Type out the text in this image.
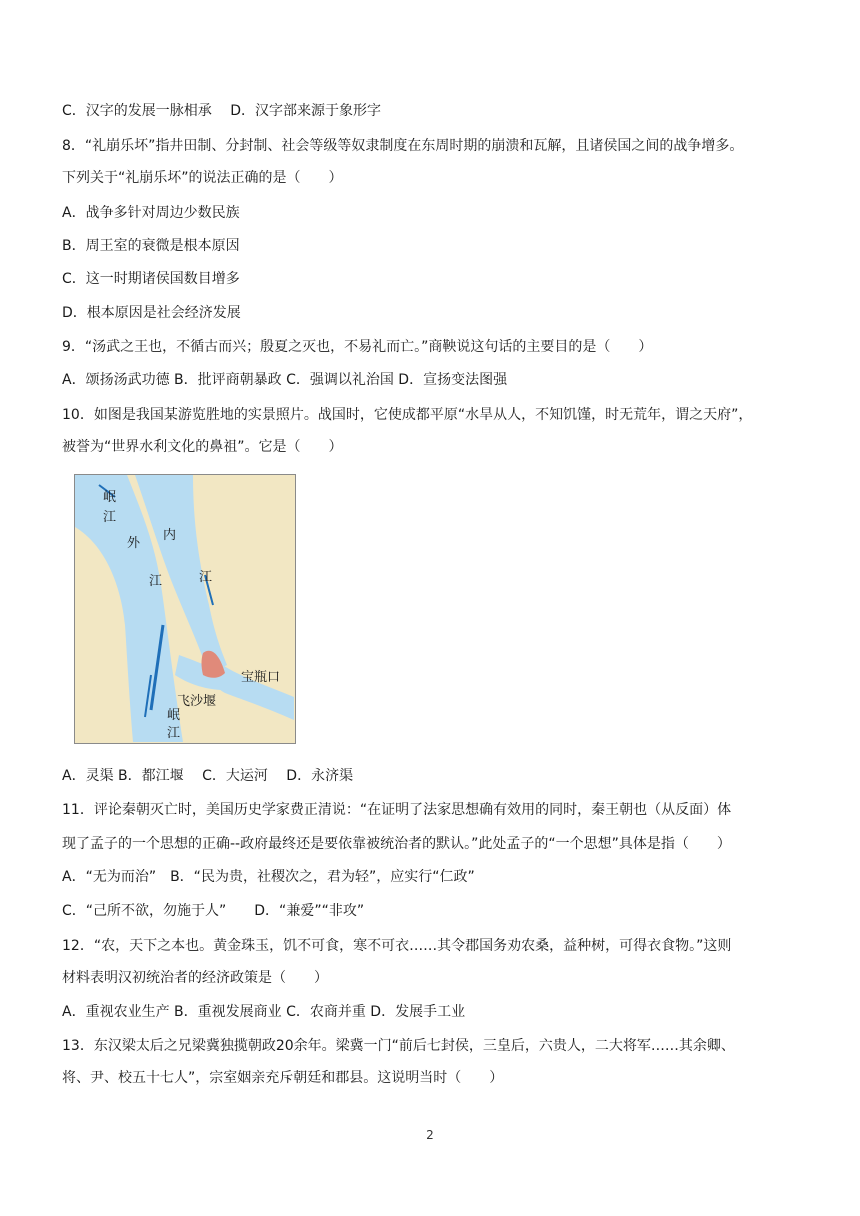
C．汉字的发展一脉相承　 D．汉字部来源于象形字
8．“礼崩乐坏”指井田制、分封制、社会等级等奴隶制度在东周时期的崩溃和瓦解，且诸侯国之间的战争增多。
下列关于“礼崩乐坏”的说法正确的是（　　）
A．战争多针对周边少数民族
B．周王室的衰微是根本原因
C．这一时期诸侯国数目增多
D．根本原因是社会经济发展
9．“汤武之王也，不循古而兴；殷夏之灭也，不易礼而亡。”商鞅说这句话的主要目的是（　　）
A．颂扬汤武功德 B．批评商朝暴政 C．强调以礼治国 D．宣扬变法图强
10．如图是我国某游览胜地的实景照片。战国时，它使成都平原“水旱从人，不知饥馑，时无荒年，谓之天府”，
被誉为“世界水利文化的鼻祖”。它是（　　）
岷
江
外
江
内
江
宝瓶口
飞沙堰
岷
江
A．灵渠 B．都江堰　 C．大运河　 D．永济渠
11．评论秦朝灭亡时，美国历史学家费正清说：“在证明了法家思想确有效用的同时，秦王朝也（从反面）体
现了孟子的一个思想的正确--政府最终还是要依靠被统治者的默认。”此处孟子的“一个思想”具体是指（　　）
A．“无为而治”　B．“民为贵，社稷次之，君为轻”，应实行“仁政”
C．“己所不欲，勿施于人”　　D．“兼爱”“非攻”
12．“农，天下之本也。黄金珠玉，饥不可食，寒不可衣……其令郡国务劝农桑，益种树，可得衣食物。”这则
材料表明汉初统治者的经济政策是（　　）
A．重视农业生产 B．重视发展商业 C．农商并重 D．发展手工业
13．东汉梁太后之兄梁冀独揽朝政20余年。梁冀一门“前后七封侯，三皇后，六贵人，二大将军……其余卿、
将、尹、校五十七人”，宗室姻亲充斥朝廷和郡县。这说明当时（　　）
2
